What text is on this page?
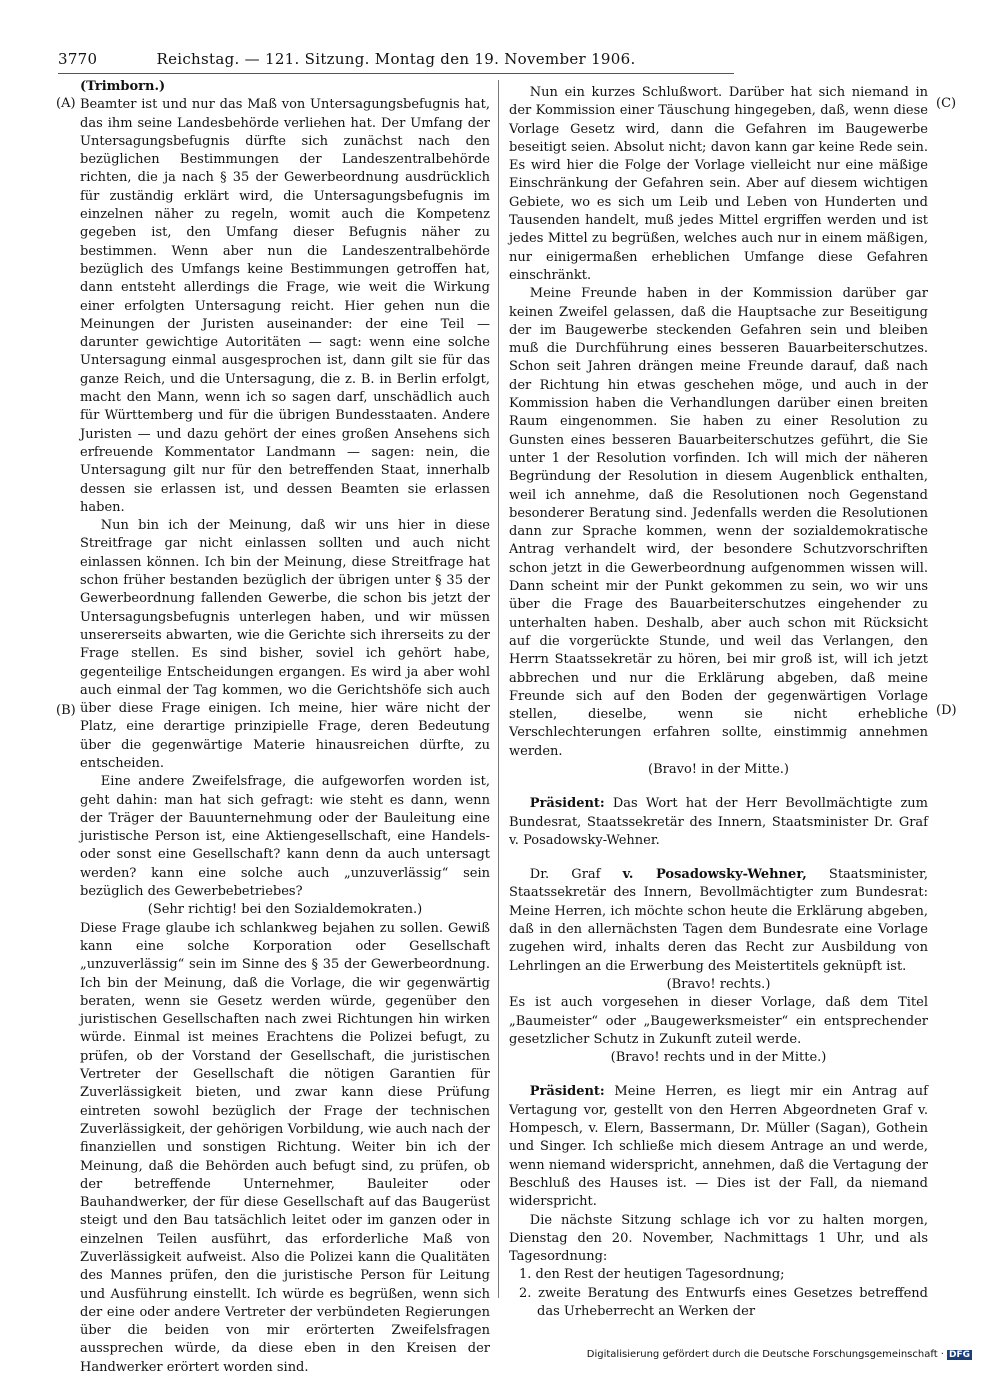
3770	Reichstag. — 121. Sitzung. Montag den 19. November 1906.
(A)
(B)
(C)
(D)

(Trimborn.)

Beamter ist und nur das Maß von Untersagungsbefugnis hat, das ihm seine Landesbehörde verliehen hat. Der Umfang der Untersagungsbefugnis dürfte sich zunächst nach den bezüglichen Bestimmungen der Landeszentralbehörde richten, die ja nach § 35 der Gewerbeordnung ausdrücklich für zuständig erklärt wird, die Untersagungsbefugnis im einzelnen näher zu regeln, womit auch die Kompetenz gegeben ist, den Umfang dieser Befugnis näher zu bestimmen. Wenn aber nun die Landeszentralbehörde bezüglich des Umfangs keine Bestimmungen getroffen hat, dann entsteht allerdings die Frage, wie weit die Wirkung einer erfolgten Untersagung reicht. Hier gehen nun die Meinungen der Juristen auseinander: der eine Teil — darunter gewichtige Autoritäten — sagt: wenn eine solche Untersagung einmal ausgesprochen ist, dann gilt sie für das ganze Reich, und die Untersagung, die z. B. in Berlin erfolgt, macht den Mann, wenn ich so sagen darf, unschädlich auch für Württemberg und für die übrigen Bundesstaaten. Andere Juristen — und dazu gehört der eines großen Ansehens sich erfreuende Kommentator Landmann — sagen: nein, die Untersagung gilt nur für den betreffenden Staat, innerhalb dessen sie erlassen ist, und dessen Beamten sie erlassen haben.

Nun bin ich der Meinung, daß wir uns hier in diese Streitfrage gar nicht einlassen sollten und auch nicht einlassen können. Ich bin der Meinung, diese Streitfrage hat schon früher bestanden bezüglich der übrigen unter § 35 der Gewerbeordnung fallenden Gewerbe, die schon bis jetzt der Untersagungsbefugnis unterlegen haben, und wir müssen unsererseits abwarten, wie die Gerichte sich ihrerseits zu der Frage stellen. Es sind bisher, soviel ich gehört habe, gegenteilige Entscheidungen ergangen. Es wird ja aber wohl auch einmal der Tag kommen, wo die Gerichtshöfe sich auch über diese Frage einigen. Ich meine, hier wäre nicht der Platz, eine derartige prinzipielle Frage, deren Bedeutung über die gegenwärtige Materie hinausreichen dürfte, zu entscheiden.

Eine andere Zweifelsfrage, die aufgeworfen worden ist, geht dahin: man hat sich gefragt: wie steht es dann, wenn der Träger der Bauunternehmung oder der Bauleitung eine juristische Person ist, eine Aktiengesellschaft, eine Handels- oder sonst eine Gesellschaft? kann denn da auch untersagt werden? kann eine solche auch „unzuverlässig“ sein bezüglich des Gewerbebetriebes?

(Sehr richtig! bei den Sozialdemokraten.)

Diese Frage glaube ich schlankweg bejahen zu sollen. Gewiß kann eine solche Korporation oder Gesellschaft „unzuverlässig“ sein im Sinne des § 35 der Gewerbeordnung. Ich bin der Meinung, daß die Vorlage, die wir gegenwärtig beraten, wenn sie Gesetz werden würde, gegenüber den juristischen Gesellschaften nach zwei Richtungen hin wirken würde. Einmal ist meines Erachtens die Polizei befugt, zu prüfen, ob der Vorstand der Gesellschaft, die juristischen Vertreter der Gesellschaft die nötigen Garantien für Zuverlässigkeit bieten, und zwar kann diese Prüfung eintreten sowohl bezüglich der Frage der technischen Zuverlässigkeit, der gehörigen Vorbildung, wie auch nach der finanziellen und sonstigen Richtung. Weiter bin ich der Meinung, daß die Behörden auch befugt sind, zu prüfen, ob der betreffende Unternehmer, Bauleiter oder Bauhandwerker, der für diese Gesellschaft auf das Baugerüst steigt und den Bau tatsächlich leitet oder im ganzen oder in einzelnen Teilen ausführt, das erforderliche Maß von Zuverlässigkeit aufweist. Also die Polizei kann die Qualitäten des Mannes prüfen, den die juristische Person für Leitung und Ausführung einstellt. Ich würde es begrüßen, wenn sich der eine oder andere Vertreter der verbündeten Regierungen über die beiden von mir erörterten Zweifelsfragen aussprechen würde, da diese eben in den Kreisen der Handwerker erörtert worden sind.

Nun ein kurzes Schlußwort. Darüber hat sich niemand in der Kommission einer Täuschung hingegeben, daß, wenn diese Vorlage Gesetz wird, dann die Gefahren im Baugewerbe beseitigt seien. Absolut nicht; davon kann gar keine Rede sein. Es wird hier die Folge der Vorlage vielleicht nur eine mäßige Einschränkung der Gefahren sein. Aber auf diesem wichtigen Gebiete, wo es sich um Leib und Leben von Hunderten und Tausenden handelt, muß jedes Mittel ergriffen werden und ist jedes Mittel zu begrüßen, welches auch nur in einem mäßigen, nur einigermaßen erheblichen Umfange diese Gefahren einschränkt.

Meine Freunde haben in der Kommission darüber gar keinen Zweifel gelassen, daß die Hauptsache zur Beseitigung der im Baugewerbe steckenden Gefahren sein und bleiben muß die Durchführung eines besseren Bauarbeiterschutzes. Schon seit Jahren drängen meine Freunde darauf, daß nach der Richtung hin etwas geschehen möge, und auch in der Kommission haben die Verhandlungen darüber einen breiten Raum eingenommen. Sie haben zu einer Resolution zu Gunsten eines besseren Bauarbeiterschutzes geführt, die Sie unter 1 der Resolution vorfinden. Ich will mich der näheren Begründung der Resolution in diesem Augenblick enthalten, weil ich annehme, daß die Resolutionen noch Gegenstand besonderer Beratung sind. Jedenfalls werden die Resolutionen dann zur Sprache kommen, wenn der sozialdemokratische Antrag verhandelt wird, der besondere Schutzvorschriften schon jetzt in die Gewerbeordnung aufgenommen wissen will. Dann scheint mir der Punkt gekommen zu sein, wo wir uns über die Frage des Bauarbeiterschutzes eingehender zu unterhalten haben. Deshalb, aber auch schon mit Rücksicht auf die vorgerückte Stunde, und weil das Verlangen, den Herrn Staatssekretär zu hören, bei mir groß ist, will ich jetzt abbrechen und nur die Erklärung abgeben, daß meine Freunde sich auf den Boden der gegenwärtigen Vorlage stellen, dieselbe, wenn sie nicht erhebliche Verschlechterungen erfahren sollte, einstimmig annehmen werden.

(Bravo! in der Mitte.)

Präsident: Das Wort hat der Herr Bevollmächtigte zum Bundesrat, Staatssekretär des Innern, Staatsminister Dr. Graf v. Posadowsky-Wehner.

Dr. Graf v. Posadowsky-Wehner, Staatsminister, Staatssekretär des Innern, Bevollmächtigter zum Bundesrat: Meine Herren, ich möchte schon heute die Erklärung abgeben, daß in den allernächsten Tagen dem Bundesrate eine Vorlage zugehen wird, inhalts deren das Recht zur Ausbildung von Lehrlingen an die Erwerbung des Meistertitels geknüpft ist.

(Bravo! rechts.)

Es ist auch vorgesehen in dieser Vorlage, daß dem Titel „Baumeister“ oder „Baugewerksmeister“ ein entsprechender gesetzlicher Schutz in Zukunft zuteil werde.

(Bravo! rechts und in der Mitte.)

Präsident: Meine Herren, es liegt mir ein Antrag auf Vertagung vor, gestellt von den Herren Abgeordneten Graf v. Hompesch, v. Elern, Bassermann, Dr. Müller (Sagan), Gothein und Singer. Ich schließe mich diesem Antrage an und werde, wenn niemand widerspricht, annehmen, daß die Vertagung der Beschluß des Hauses ist. — Dies ist der Fall, da niemand widerspricht.

Die nächste Sitzung schlage ich vor zu halten morgen, Dienstag den 20. November, Nachmittags 1 Uhr, und als Tagesordnung:

1. den Rest der heutigen Tagesordnung;

2. zweite Beratung des Entwurfs eines Gesetzes betreffend das Urheberrecht an Werken der

Digitalisierung gefördert durch die Deutsche Forschungsgemeinschaft · DFG
